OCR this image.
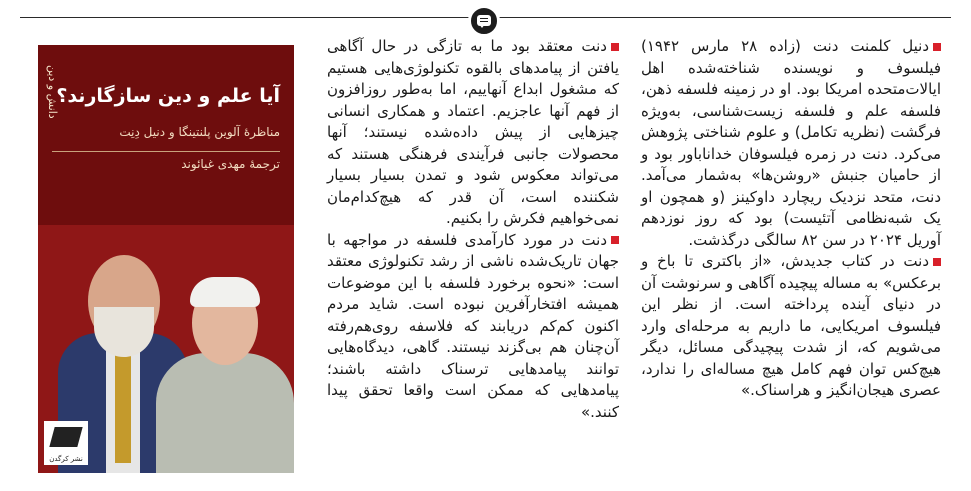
دنیل کلمنت دنت (زاده ۲۸ مارس ۱۹۴۲) فیلسوف و نویسنده شناخته‌شده اهل ایالات‌متحده امریکا بود. او در زمینه فلسفه ذهن، فلسفه علم و فلسفه زیست‌شناسی، به‌ویژه فرگشت (نظریه تکامل) و علوم شناختی پژوهش می‌کرد. دنت در زمره فیلسوفان خداناباور بود و از حامیان جنبش «روشن‌ها» به‌شمار می‌آمد. دنت، متحد نزدیک ریچارد داوکینز (و همچون او یک شبه‌نظامی آتئیست) بود که روز نوزدهم آوریل ۲۰۲۴ در سن ۸۲ سالگی درگذشت.

دنت در کتاب جدیدش، «از باکتری تا باخ و برعکس» به مساله پیچیده آگاهی و سرنوشت آن در دنیای آینده پرداخته است. از نظر این فیلسوف امریکایی، ما داریم به مرحله‌ای وارد می‌شویم که، از شدت پیچیدگی مسائل، دیگر هیچ‌کس توان فهم کامل هیچ مساله‌ای را ندارد، عصری هیجان‌انگیز و هراسناک.»

دنت معتقد بود ما به تازگی در حال آگاهی یافتن از پیامدهای بالقوه تکنولوژی‌هایی هستیم که مشغول ابداع آنهاییم، اما به‌طور روزافزون از فهم آنها عاجزیم. اعتماد و همکاری انسانی چیزهایی از پیش داده‌شده نیستند؛ آنها محصولات جانبی فرآیندی فرهنگی هستند که می‌تواند معکوس شود و تمدن بسیار بسیار شکننده است، آن قدر که هیچ‌کدام‌مان نمی‌خواهیم فکرش را بکنیم.

دنت در مورد کارآمدی فلسفه در مواجهه با جهان تاریک‌شده ناشی از رشد تکنولوژی معتقد است: «نحوه برخورد فلسفه با این موضوعات همیشه افتخارآفرین نبوده است. شاید مردم اکنون کم‌کم دریابند که فلاسفه روی‌هم‌رفته آن‌چنان هم بی‌گزند نیستند. گاهی، دیدگاه‌هایی توانند پیامدهایی ترسناک داشته باشند؛ پیامدهایی که ممکن است واقعا تحقق پیدا کنند.»

دانش و دین
آیا علم و دین سازگارند؟
مناظرهٔ آلوین پلنتینگا و دنیل دِنِت
ترجمهٔ مهدی غیائوند
نشر کرگدن
